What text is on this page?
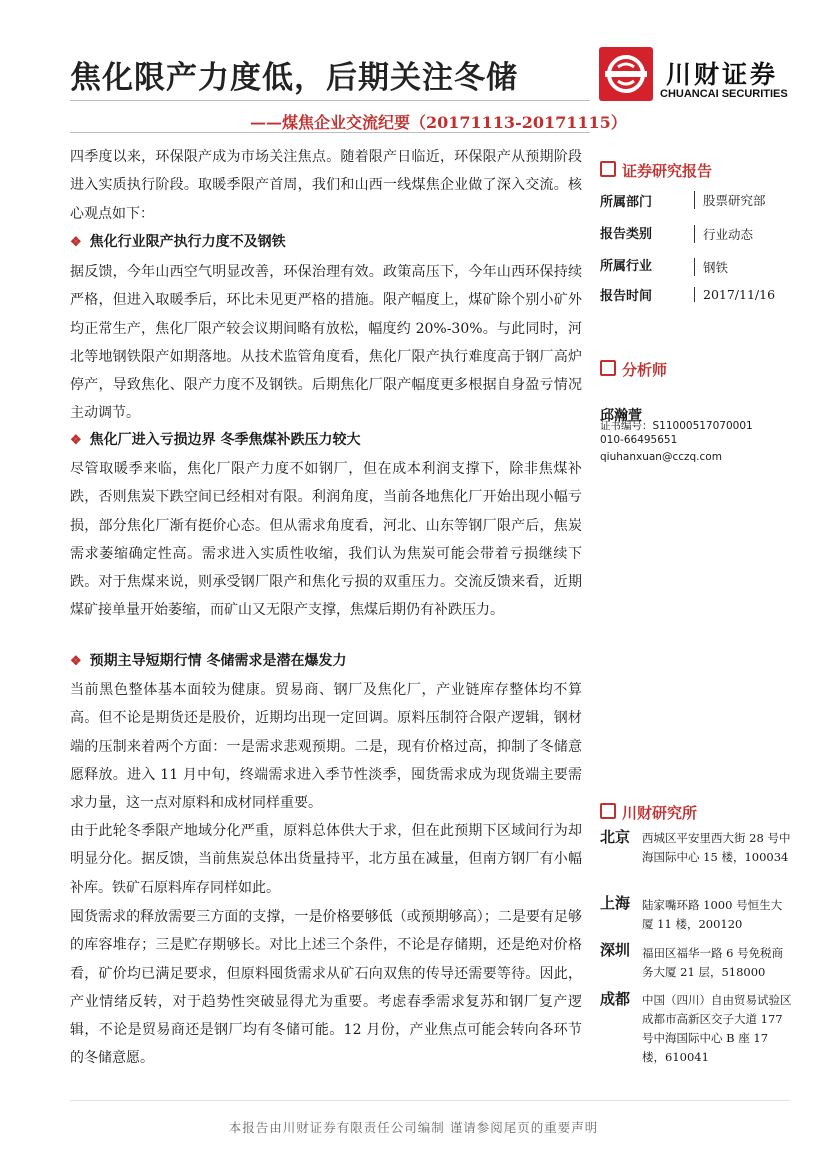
焦化限产力度低，后期关注冬储
——煤焦企业交流纪要（20171113-20171115）
川财证券
CHUANCAI SECURITIES
四季度以来，环保限产成为市场关注焦点。随着限产日临近，环保限产从预期阶段进入实质执行阶段。取暖季限产首周，我们和山西一线煤焦企业做了深入交流。核心观点如下：
❖ 焦化行业限产执行力度不及钢铁
据反馈，今年山西空气明显改善，环保治理有效。政策高压下，今年山西环保持续严格，但进入取暖季后，环比未见更严格的措施。限产幅度上，煤矿除个别小矿外均正常生产，焦化厂限产较会议期间略有放松，幅度约 20%-30%。与此同时，河北等地钢铁限产如期落地。从技术监管角度看，焦化厂限产执行难度高于钢厂高炉停产，导致焦化、限产力度不及钢铁。后期焦化厂限产幅度更多根据自身盈亏情况主动调节。
❖ 焦化厂进入亏损边界 冬季焦煤补跌压力较大
尽管取暖季来临，焦化厂限产力度不如钢厂，但在成本利润支撑下，除非焦煤补跌，否则焦炭下跌空间已经相对有限。利润角度，当前各地焦化厂开始出现小幅亏损，部分焦化厂渐有挺价心态。但从需求角度看，河北、山东等钢厂限产后，焦炭需求萎缩确定性高。需求进入实质性收缩，我们认为焦炭可能会带着亏损继续下跌。对于焦煤来说，则承受钢厂限产和焦化亏损的双重压力。交流反馈来看，近期煤矿接单量开始萎缩，而矿山又无限产支撑，焦煤后期仍有补跌压力。
❖ 预期主导短期行情 冬储需求是潜在爆发力
当前黑色整体基本面较为健康。贸易商、钢厂及焦化厂，产业链库存整体均不算高。但不论是期货还是股价，近期均出现一定回调。原料压制符合限产逻辑，钢材端的压制来着两个方面：一是需求悲观预期。二是，现有价格过高，抑制了冬储意愿释放。进入 11 月中旬，终端需求进入季节性淡季，囤货需求成为现货端主要需求力量，这一点对原料和成材同样重要。
由于此轮冬季限产地域分化严重，原料总体供大于求，但在此预期下区域间行为却明显分化。据反馈，当前焦炭总体出货量持平，北方虽在减量，但南方钢厂有小幅补库。铁矿石原料库存同样如此。
囤货需求的释放需要三方面的支撑，一是价格要够低（或预期够高）；二是要有足够的库容堆存；三是贮存期够长。对比上述三个条件，不论是存储期，还是绝对价格看，矿价均已满足要求，但原料囤货需求从矿石向双焦的传导还需要等待。因此，产业情绪反转，对于趋势性突破显得尤为重要。考虑春季需求复苏和钢厂复产逻辑，不论是贸易商还是钢厂均有冬储可能。12 月份，产业焦点可能会转向各环节的冬储意愿。
证券研究报告
所属部门	股票研究部
报告类别	行业动态
所属行业	钢铁
报告时间	2017/11/16
分析师
邱瀚萱
证书编号：S1100051707000​1
010-66495651
qiuhanxuan@cczq.com
川财研究所
北京 西城区平安里西大街 28 号中海国际中心 15 楼，100034
上海 陆家嘴环路 1000 号恒生大厦 11 楼，200120
深圳 福田区福华一路 6 号免税商务大厦 21 层，518000
成都 中国（四川）自由贸易试验区成都市高新区交子大道 177 号中海国际中心 B 座 17 楼，610041
本报告由川财证券有限责任公司编制 谨请参阅尾页的重要声明
